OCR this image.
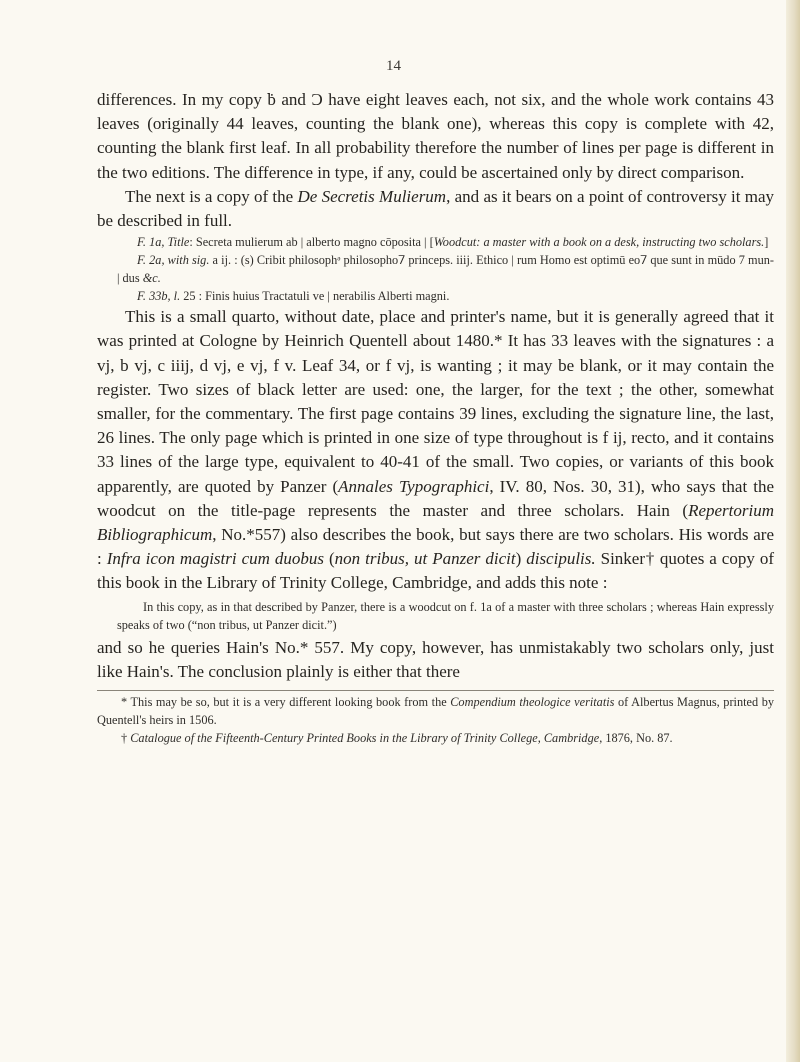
14

differences. In my copy ḃ and Ɔ have eight leaves each, not six, and the whole work contains 43 leaves (originally 44 leaves, counting the blank one), whereas this copy is complete with 42, counting the blank first leaf. In all probability therefore the number of lines per page is different in the two editions. The difference in type, if any, could be ascertained only by direct comparison.

The next is a copy of the De Secretis Mulierum, and as it bears on a point of controversy it may be described in full.

F. 1a, Title: Secreta mulierum ab | alberto magno cōposita | [Woodcut: a master with a book on a desk, instructing two scholars.]

F. 2a, with sig. a ij. : (s) Cribit philosophᵊ philosopho⹒ princeps. iiij. Ethico | rum Homo est optimū eo⹒ que sunt in mūdo 7 mun- | dus &c.

F. 33b, l. 25 : Finis huius Tractatuli ve | nerabilis Alberti magni.

This is a small quarto, without date, place and printer's name, but it is generally agreed that it was printed at Cologne by Heinrich Quentell about 1480.* It has 33 leaves with the signatures : a vj, b vj, c iiij, d vj, e vj, f v. Leaf 34, or f vj, is wanting ; it may be blank, or it may contain the register. Two sizes of black letter are used: one, the larger, for the text ; the other, somewhat smaller, for the commentary. The first page contains 39 lines, excluding the signature line, the last, 26 lines. The only page which is printed in one size of type throughout is f ij, recto, and it contains 33 lines of the large type, equivalent to 40-41 of the small. Two copies, or variants of this book apparently, are quoted by Panzer (Annales Typographici, IV. 80, Nos. 30, 31), who says that the woodcut on the title-page represents the master and three scholars. Hain (Repertorium Bibliographicum, No.*557) also describes the book, but says there are two scholars. His words are : Infra icon magistri cum duobus (non tribus, ut Panzer dicit) discipulis. Sinker† quotes a copy of this book in the Library of Trinity College, Cambridge, and adds this note :

In this copy, as in that described by Panzer, there is a woodcut on f. 1a of a master with three scholars ; whereas Hain expressly speaks of two (“non tribus, ut Panzer dicit.”)

and so he queries Hain's No.* 557. My copy, however, has unmistakably two scholars only, just like Hain's. The conclusion plainly is either that there

* This may be so, but it is a very different looking book from the Compendium theologice veritatis of Albertus Magnus, printed by Quentell's heirs in 1506.

† Catalogue of the Fifteenth-Century Printed Books in the Library of Trinity College, Cambridge, 1876, No. 87.
